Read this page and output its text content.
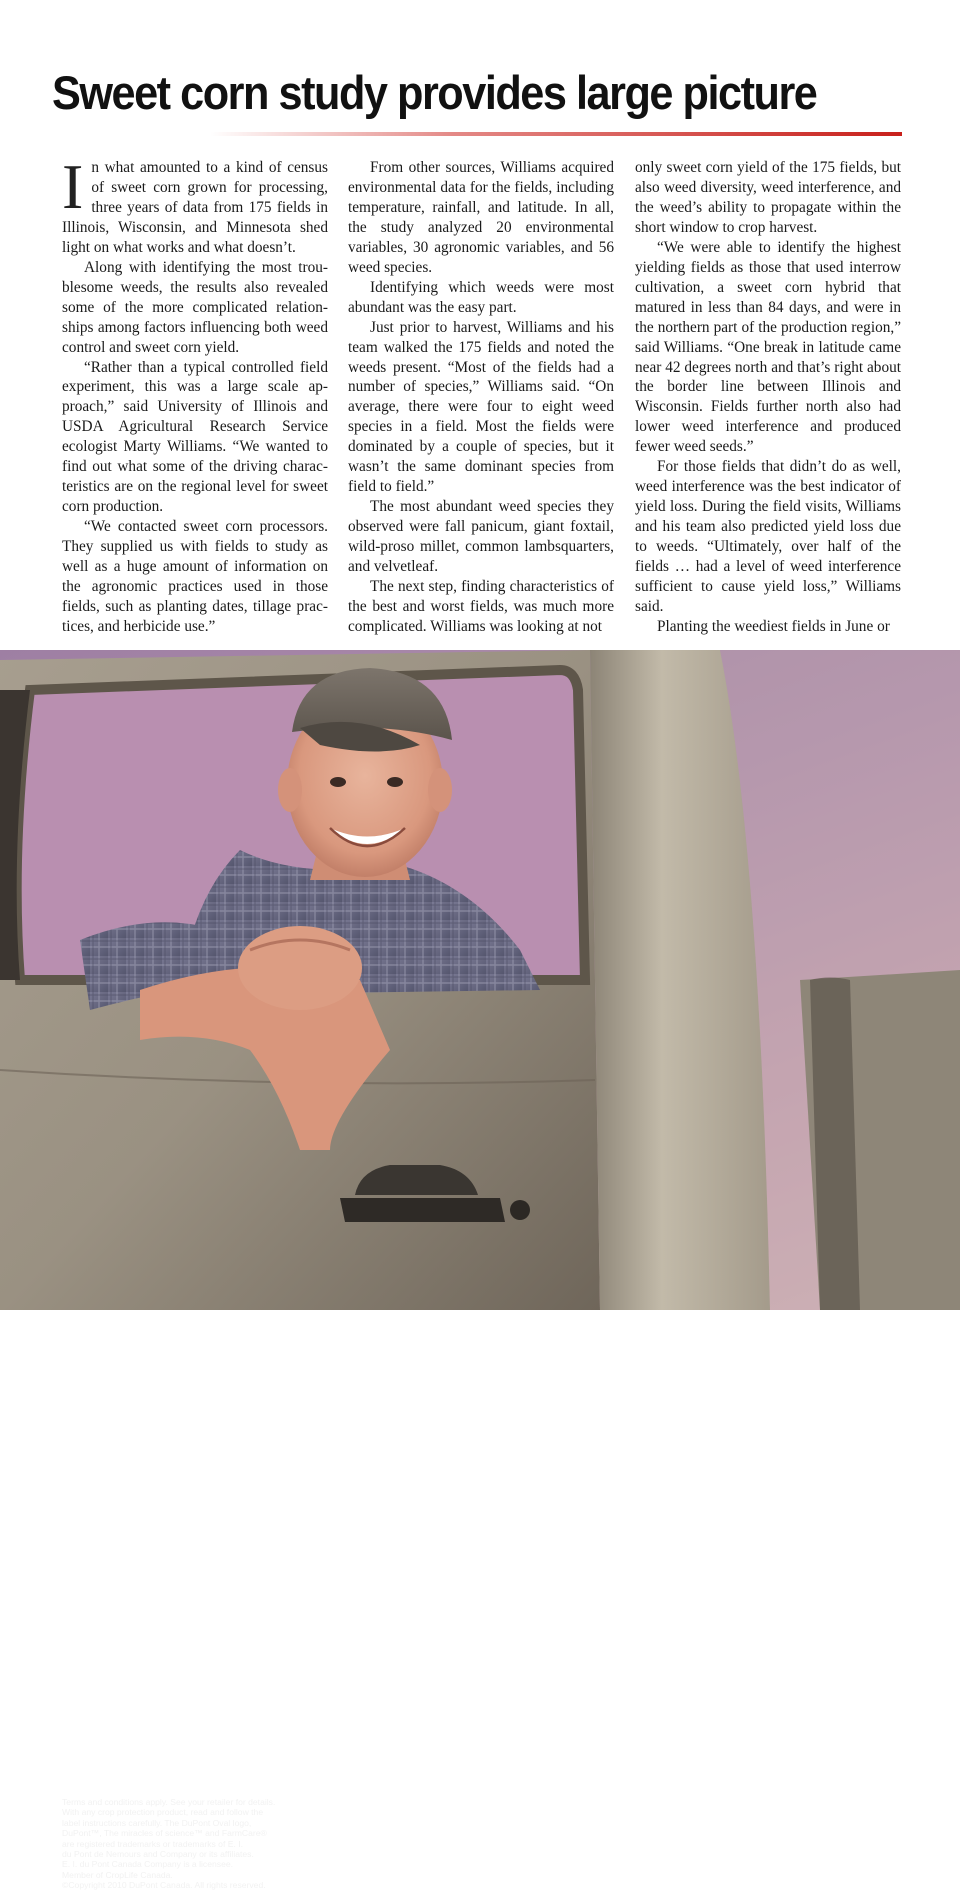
Sweet corn study provides large picture

In what amounted to a kind of census of sweet corn grown for processing, three years of data from 175 fields in Illinois, Wisconsin, and Minnesota shed light on what works and what doesn’t.

Along with identifying the most troublesome weeds, the results also revealed some of the more complicated relationships among factors influencing both weed control and sweet corn yield.

“Rather than a typical controlled field experiment, this was a large scale approach,” said University of Illinois and USDA Agricultural Research Service ecologist Marty Williams. “We wanted to find out what some of the driving characteristics are on the regional level for sweet corn production.

“We contacted sweet corn processors. They supplied us with fields to study as well as a huge amount of information on the agronomic practices used in those fields, such as planting dates, tillage practices, and herbicide use.”

From other sources, Williams acquired environmental data for the fields, including temperature, rainfall, and latitude. In all, the study analyzed 20 environmental variables, 30 agronomic variables, and 56 weed species.

Identifying which weeds were most abundant was the easy part.

Just prior to harvest, Williams and his team walked the 175 fields and noted the weeds present. “Most of the fields had a number of species,” Williams said. “On average, there were four to eight weed species in a field. Most the fields were dominated by a couple of species, but it wasn’t the same dominant species from field to field.”

The most abundant weed species they observed were fall panicum, giant foxtail, wild-proso millet, common lambsquarters, and velvetleaf.

The next step, finding characteristics of the best and worst fields, was much more complicated. Williams was looking at not

only sweet corn yield of the 175 fields, but also weed diversity, weed interference, and the weed’s ability to propagate within the short window to crop harvest.

“We were able to identify the highest yielding fields as those that used interrow cultivation, a sweet corn hybrid that matured in less than 84 days, and were in the northern part of the production region,” said Williams. “One break in latitude came near 42 degrees north and that’s right about the border line between Illinois and Wisconsin. Fields further north also had lower weed interference and produced fewer weed seeds.”

For those fields that didn’t do as well, weed interference was the best indicator of yield loss. During the field visits, Williams and his team also predicted yield loss due to weeds. “Ultimately, over half of the fields … had a level of weed interference sufficient to cause yield loss,” Williams said.

Planting the weediest fields in June or

Terms and conditions apply. See your retailer for details.
With any crop protection product, read and follow the
label instructions carefully. The DuPont Oval logo,
DuPont™, The miracles of science™ and FarmCare®
are registered trademarks or trademarks of E. I.
du Pont de Nemours and Company or its affiliates.
E. I. du Pont Canada Company is a licensee.
Member of CropLife Canada.
©Copyright 2010 DuPont Canada. All rights reserved.
